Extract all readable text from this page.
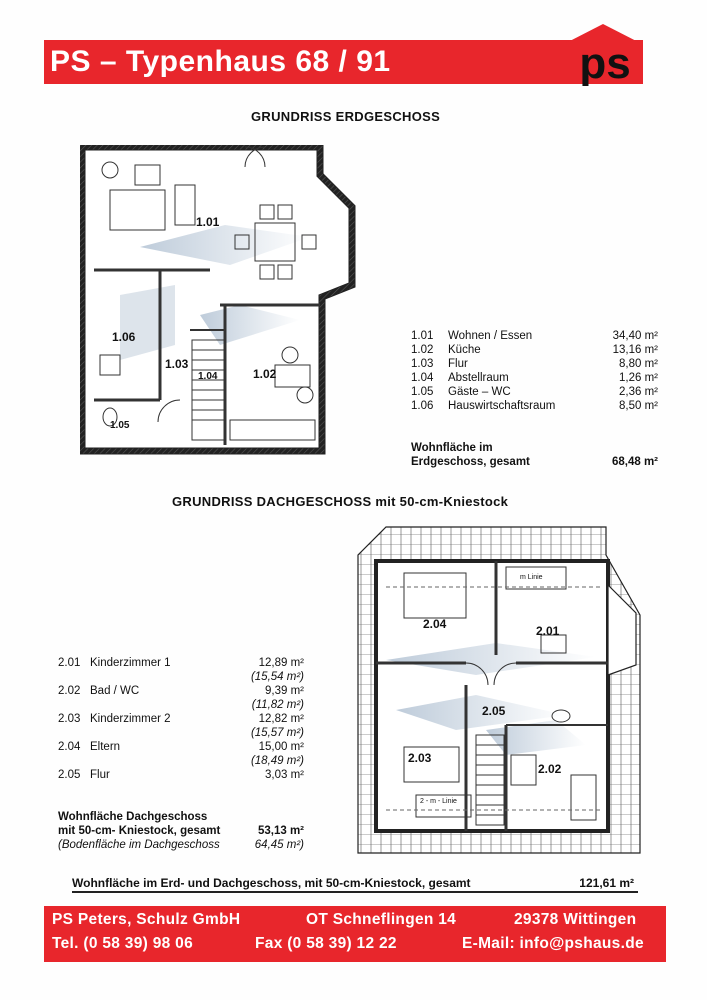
PS – Typenhaus 68 / 91	ps
GRUNDRISS ERDGESCHOSS
1.01
1.06
1.03
1.04	1.02
1.05
1.01 Wohnen / Essen	34,40 m²
1.02 Küche	13,16 m²
1.03 Flur	8,80 m²
1.04 Abstellraum	1,26 m²
1.05 Gäste – WC	2,36 m²
1.06 Hauswirtschaftsraum	8,50 m²
Wohnfläche im
Erdgeschoss, gesamt	68,48 m²
GRUNDRISS DACHGESCHOSS mit 50-cm-Kniestock
2.04	2.01
2.05
2.03
2.02
m Linie
2 - m - Linie
2.01 Kinderzimmer 1	12,89 m²
(15,54 m²)
2.02 Bad / WC	9,39 m²
(11,82 m²)
2.03 Kinderzimmer 2	12,82 m²
(15,57 m²)
2.04 Eltern	15,00 m²
(18,49 m²)
2.05 Flur	3,03 m²
Wohnfläche Dachgeschoss
mit 50-cm- Kniestock, gesamt	53,13 m²
(Bodenfläche im Dachgeschoss	64,45 m²)
Wohnfläche im Erd- und Dachgeschoss, mit 50-cm-Kniestock, gesamt	121,61 m²
PS Peters, Schulz GmbH	OT Schneflingen 14	29378 Wittingen
Tel. (0 58 39) 98 06	Fax (0 58 39) 12 22	E-Mail: info@pshaus.de
